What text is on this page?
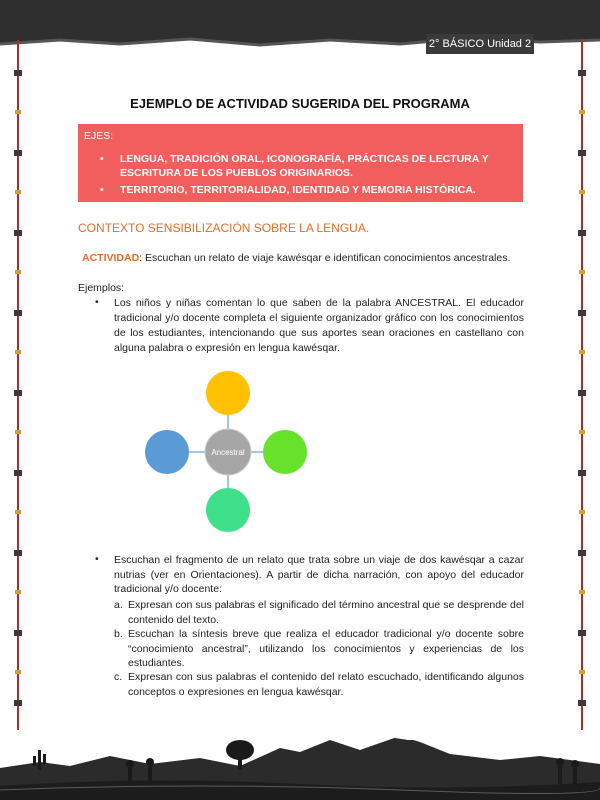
2° BÁSICO Unidad 2
EJEMPLO DE ACTIVIDAD SUGERIDA DEL PROGRAMA
EJES:
• LENGUA, TRADICIÓN ORAL, ICONOGRAFÍA, PRÁCTICAS DE LECTURA Y ESCRITURA DE LOS PUEBLOS ORIGINARIOS.
• TERRITORIO, TERRITORIALIDAD, IDENTIDAD Y MEMORIA HISTÓRICA.
CONTEXTO SENSIBILIZACIÓN SOBRE LA LENGUA.
ACTIVIDAD: Escuchan un relato de viaje kawésqar e identifican conocimientos ancestrales.
Ejemplos:
• Los niños y niñas comentan lo que saben de la palabra ANCESTRAL. El educador tradicional y/o docente completa el siguiente organizador gráfico con los conocimientos de los estudiantes, intencionando que sus aportes sean oraciones en castellano con alguna palabra o expresión en lengua kawésqar.
Ancestral
• Escuchan el fragmento de un relato que trata sobre un viaje de dos kawésqar a cazar nutrias (ver en Orientaciones). A partir de dicha narración, con apoyo del educador tradicional y/o docente:
a. Expresan con sus palabras el significado del término ancestral que se desprende del contenido del texto.
b. Escuchan la síntesis breve que realiza el educador tradicional y/o docente sobre “conocimiento ancestral”, utilizando los conocimientos y experiencias de los estudiantes.
c. Expresan con sus palabras el contenido del relato escuchado, identificando algunos conceptos o expresiones en lengua kawésqar.
